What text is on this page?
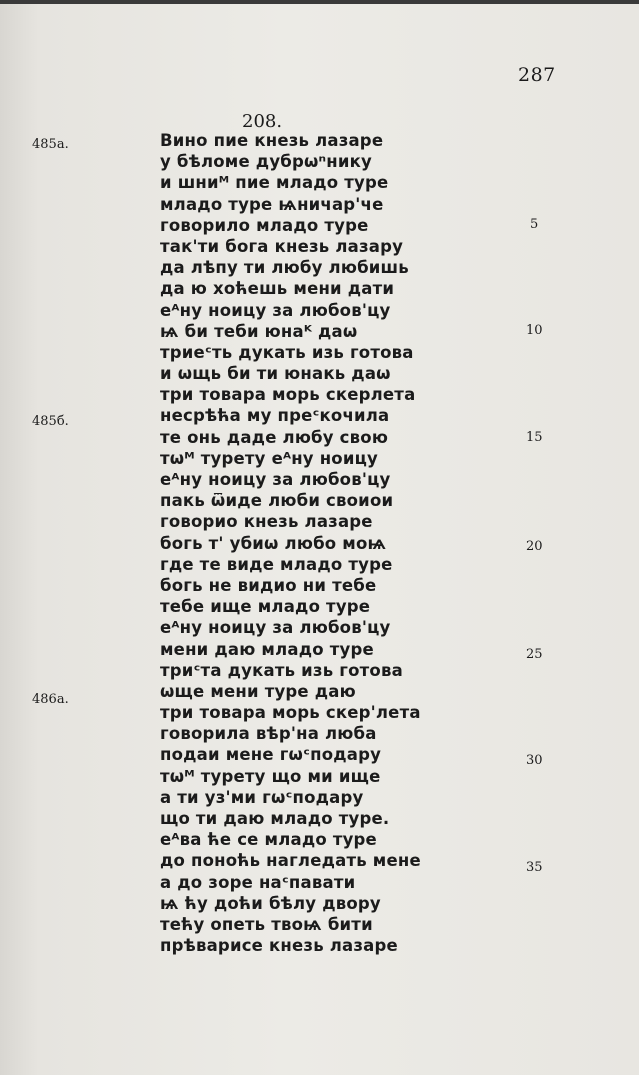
287
208.
485a.
485б.
486a.
Вино пие кнезь лазаре
у бѣломе дубрѡⁿнику
и шниᴹ пие младо туре
младо туре ѩничар'че
говорило младо туре
так'ти бога кнезь лазару
да лѣпу ти любу любишь
да ю хоћешь мени дати
еᴬну ноицу за любов'цу
ѩ би теби юнаᴷ даѡ
триеᶜть дукать изь готова
и ѡщь би ти юнакь даѡ
три товара морь скерлета
несрѣћа му преᶜкочила
те онь даде любу свою
тѡᴹ турету еᴬну ноицу
еᴬну ноицу за любов'цу
пакь ѿиде люби своиои
говорио кнезь лазаре
богь т' убиѡ любо моѩ
где те виде младо туре
богь не видио ни тебе
тебе ище младо туре
еᴬну ноицу за любов'цу
мени даю младо туре
триᶜта дукать изь готова
ѡще мени туре даю
три товара морь скер'лета
говорила вѣр'на люба
подаи мене гѡᶜподару
тѡᴹ турету що ми ище
а ти уз'ми гѡᶜподару
що ти даю младо туре.
еᴬва ће се младо туре
до поноћь нагледать мене
а до зоре наᶜпавати
ѩ ћу доћи бѣлу двору
тећу опеть твоѩ бити
прѣварисе кнезь лазаре
5
10
15
20
25
30
35
